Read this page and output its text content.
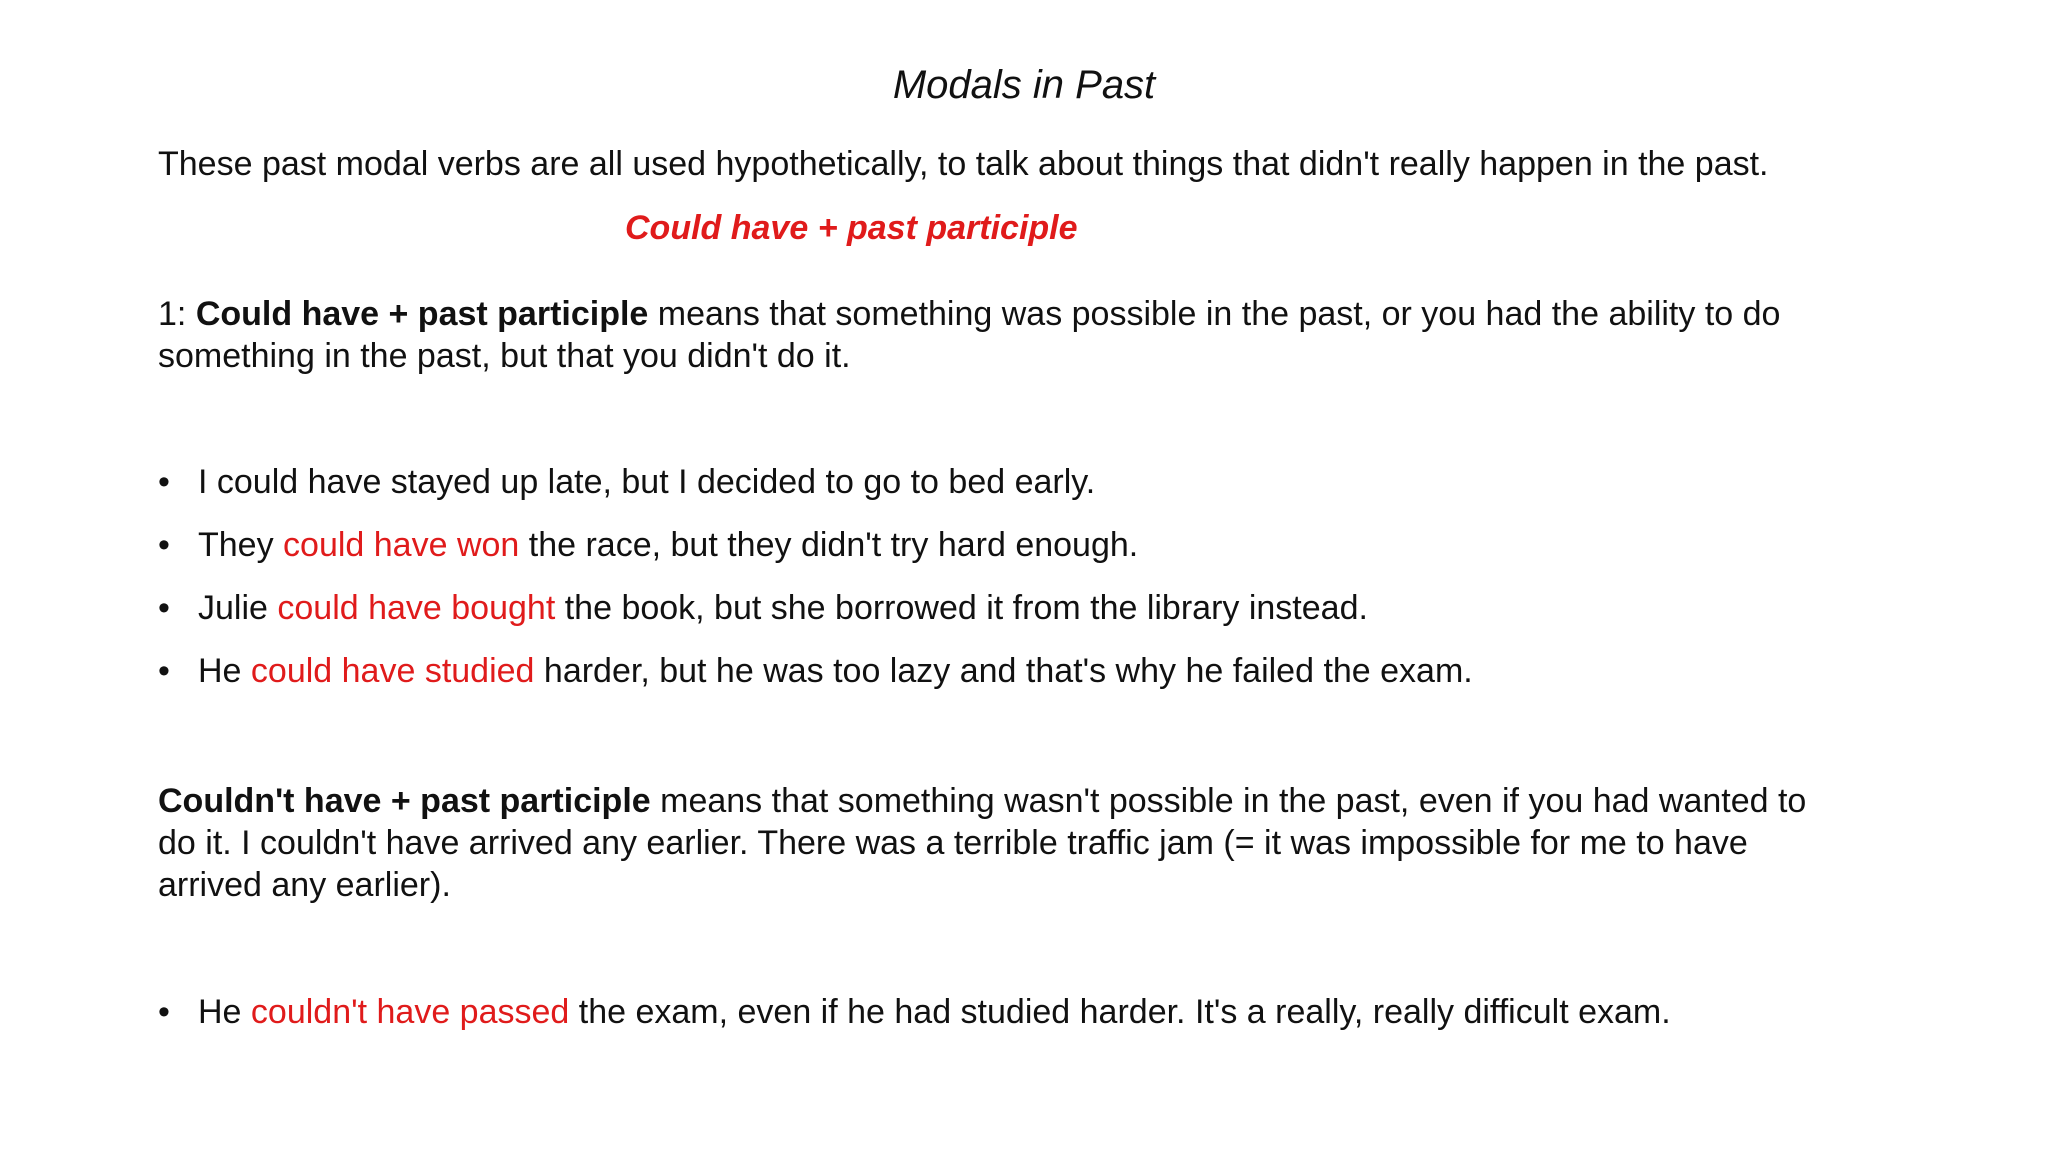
Modals in Past
These past modal verbs are all used hypothetically, to talk about things that didn't really happen in the past.
Could have + past participle
1: Could have + past participle means that something was possible in the past, or you had the ability to do
something in the past, but that you didn't do it.
• I could have stayed up late, but I decided to go to bed early.
• They could have won the race, but they didn't try hard enough.
• Julie could have bought the book, but she borrowed it from the library instead.
• He could have studied harder, but he was too lazy and that's why he failed the exam.
Couldn't have + past participle means that something wasn't possible in the past, even if you had wanted to
do it. I couldn't have arrived any earlier. There was a terrible traffic jam (= it was impossible for me to have
arrived any earlier).
• He couldn't have passed the exam, even if he had studied harder. It's a really, really difficult exam.
